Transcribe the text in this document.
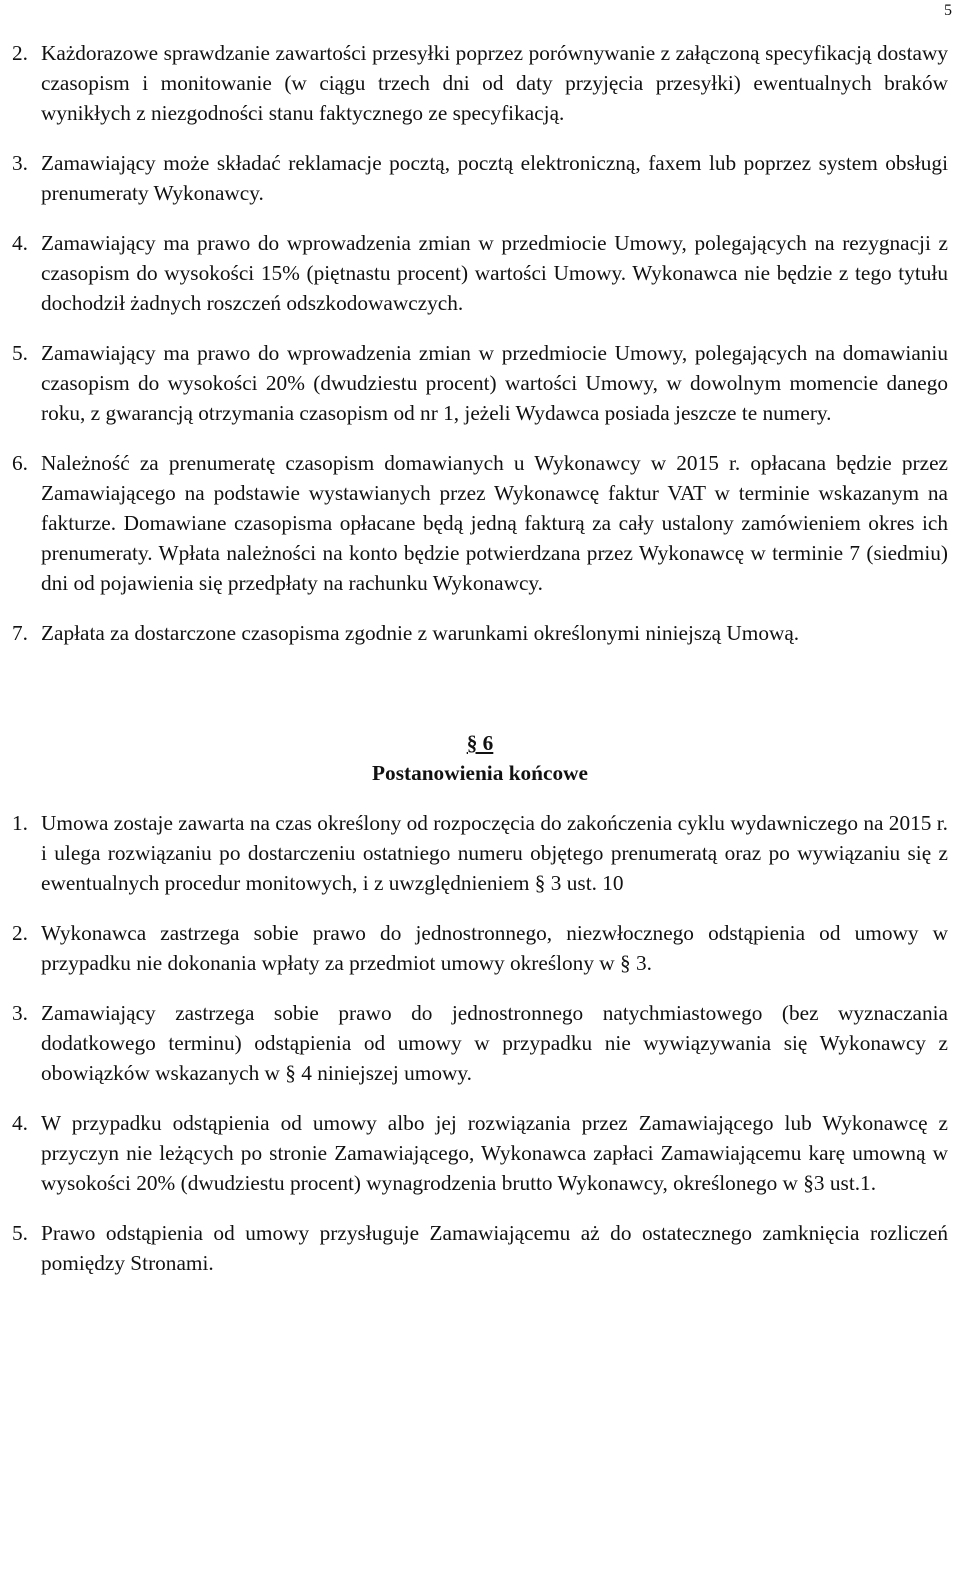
5
2. Każdorazowe sprawdzanie zawartości przesyłki poprzez porównywanie z załączoną specyfikacją dostawy czasopism i monitowanie (w ciągu trzech dni od daty przyjęcia przesyłki) ewentualnych braków wynikłych z niezgodności stanu faktycznego ze specyfikacją.
3. Zamawiający może składać reklamacje pocztą, pocztą elektroniczną, faxem lub poprzez system obsługi prenumeraty Wykonawcy.
4. Zamawiający ma prawo do wprowadzenia zmian w przedmiocie Umowy, polegających na rezygnacji z czasopism do wysokości 15% (piętnastu procent) wartości Umowy. Wykonawca nie będzie z tego tytułu dochodził żadnych roszczeń odszkodowawczych.
5. Zamawiający ma prawo do wprowadzenia zmian w przedmiocie Umowy, polegających na domawianiu czasopism do wysokości 20% (dwudziestu procent) wartości Umowy, w dowolnym momencie danego roku, z gwarancją otrzymania czasopism od nr 1, jeżeli Wydawca posiada jeszcze te numery.
6. Należność za prenumeratę czasopism domawianych u Wykonawcy w 2015 r. opłacana będzie przez Zamawiającego na podstawie wystawianych przez Wykonawcę faktur VAT w terminie wskazanym na fakturze. Domawiane czasopisma opłacane będą jedną fakturą za cały ustalony zamówieniem okres ich prenumeraty. Wpłata należności na konto będzie potwierdzana przez Wykonawcę w terminie 7 (siedmiu) dni od pojawienia się przedpłaty na rachunku Wykonawcy.
7. Zapłata za dostarczone czasopisma zgodnie z warunkami określonymi niniejszą Umową.
§ 6
Postanowienia końcowe
1. Umowa zostaje zawarta na czas określony od rozpoczęcia do zakończenia cyklu wydawniczego na 2015 r. i ulega rozwiązaniu po dostarczeniu ostatniego numeru objętego prenumeratą oraz po wywiązaniu się z ewentualnych procedur monitowych, i z uwzględnieniem § 3 ust. 10
2. Wykonawca zastrzega sobie prawo do jednostronnego, niezwłocznego odstąpienia od umowy w przypadku nie dokonania wpłaty za przedmiot umowy określony w § 3.
3. Zamawiający zastrzega sobie prawo do jednostronnego natychmiastowego (bez wyznaczania dodatkowego terminu) odstąpienia od umowy w przypadku nie wywiązywania się Wykonawcy z obowiązków wskazanych w § 4 niniejszej umowy.
4. W przypadku odstąpienia od umowy albo jej rozwiązania przez Zamawiającego lub Wykonawcę z przyczyn nie leżących po stronie Zamawiającego, Wykonawca zapłaci Zamawiającemu karę umowną w wysokości 20% (dwudziestu procent) wynagrodzenia brutto Wykonawcy, określonego w §3 ust.1.
5. Prawo odstąpienia od umowy przysługuje Zamawiającemu aż do ostatecznego zamknięcia rozliczeń pomiędzy Stronami.
